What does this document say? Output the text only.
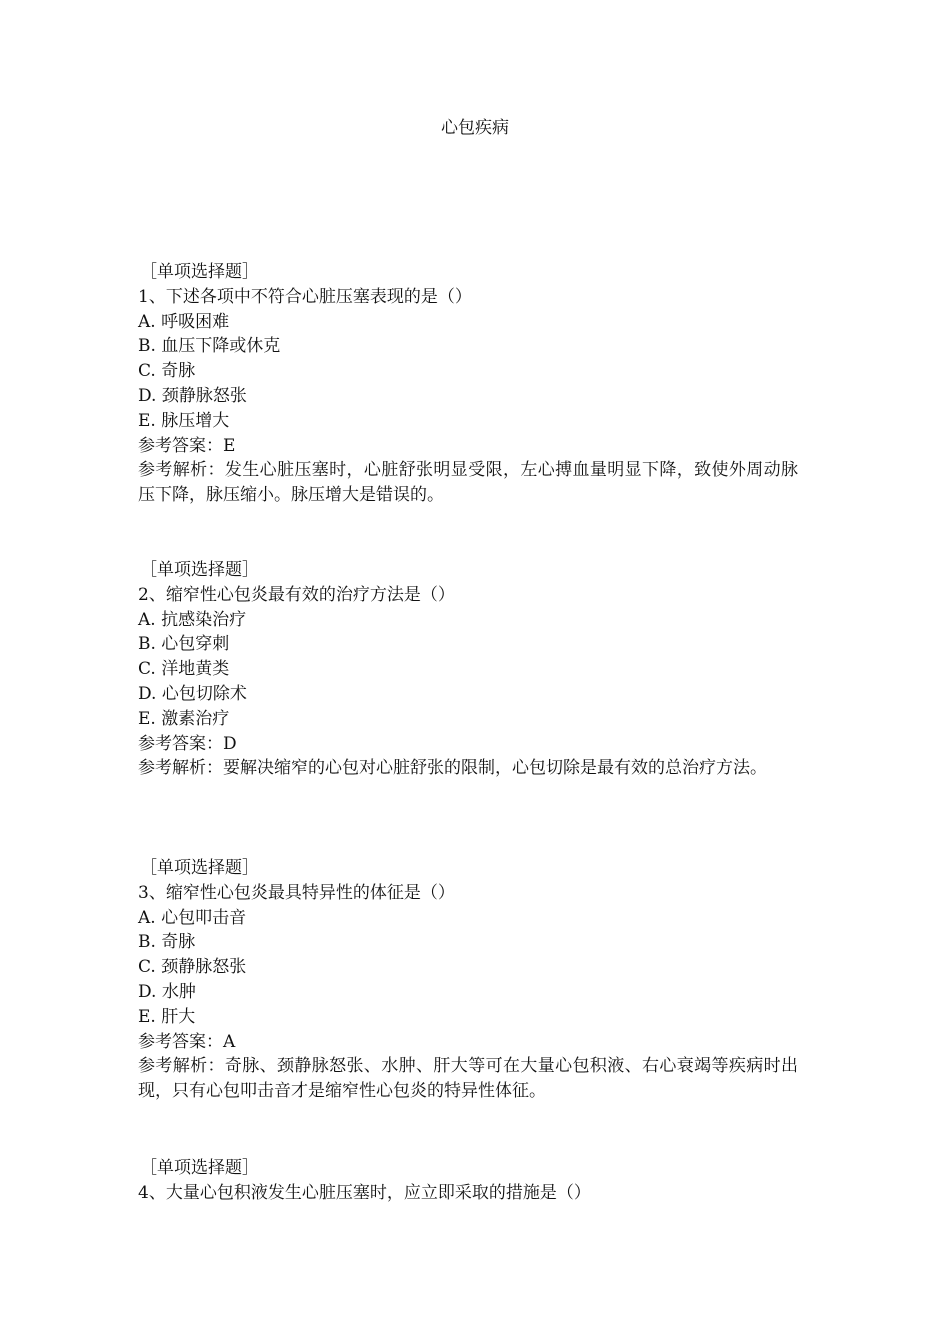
心包疾病

［单项选择题］

1、下述各项中不符合心脏压塞表现的是（）

A. 呼吸困难

B. 血压下降或休克

C. 奇脉

D. 颈静脉怒张

E. 脉压增大

参考答案：E

参考解析：发生心脏压塞时，心脏舒张明显受限，左心搏血量明显下降，致使外周动脉压下降，脉压缩小。脉压增大是错误的。

［单项选择题］

2、缩窄性心包炎最有效的治疗方法是（）

A. 抗感染治疗

B. 心包穿刺

C. 洋地黄类

D. 心包切除术

E. 激素治疗

参考答案：D

参考解析：要解决缩窄的心包对心脏舒张的限制，心包切除是最有效的总治疗方法。

［单项选择题］

3、缩窄性心包炎最具特异性的体征是（）

A. 心包叩击音

B. 奇脉

C. 颈静脉怒张

D. 水肿

E. 肝大

参考答案：A

参考解析：奇脉、颈静脉怒张、水肿、肝大等可在大量心包积液、右心衰竭等疾病时出现，只有心包叩击音才是缩窄性心包炎的特异性体征。

［单项选择题］

4、大量心包积液发生心脏压塞时，应立即采取的措施是（）
